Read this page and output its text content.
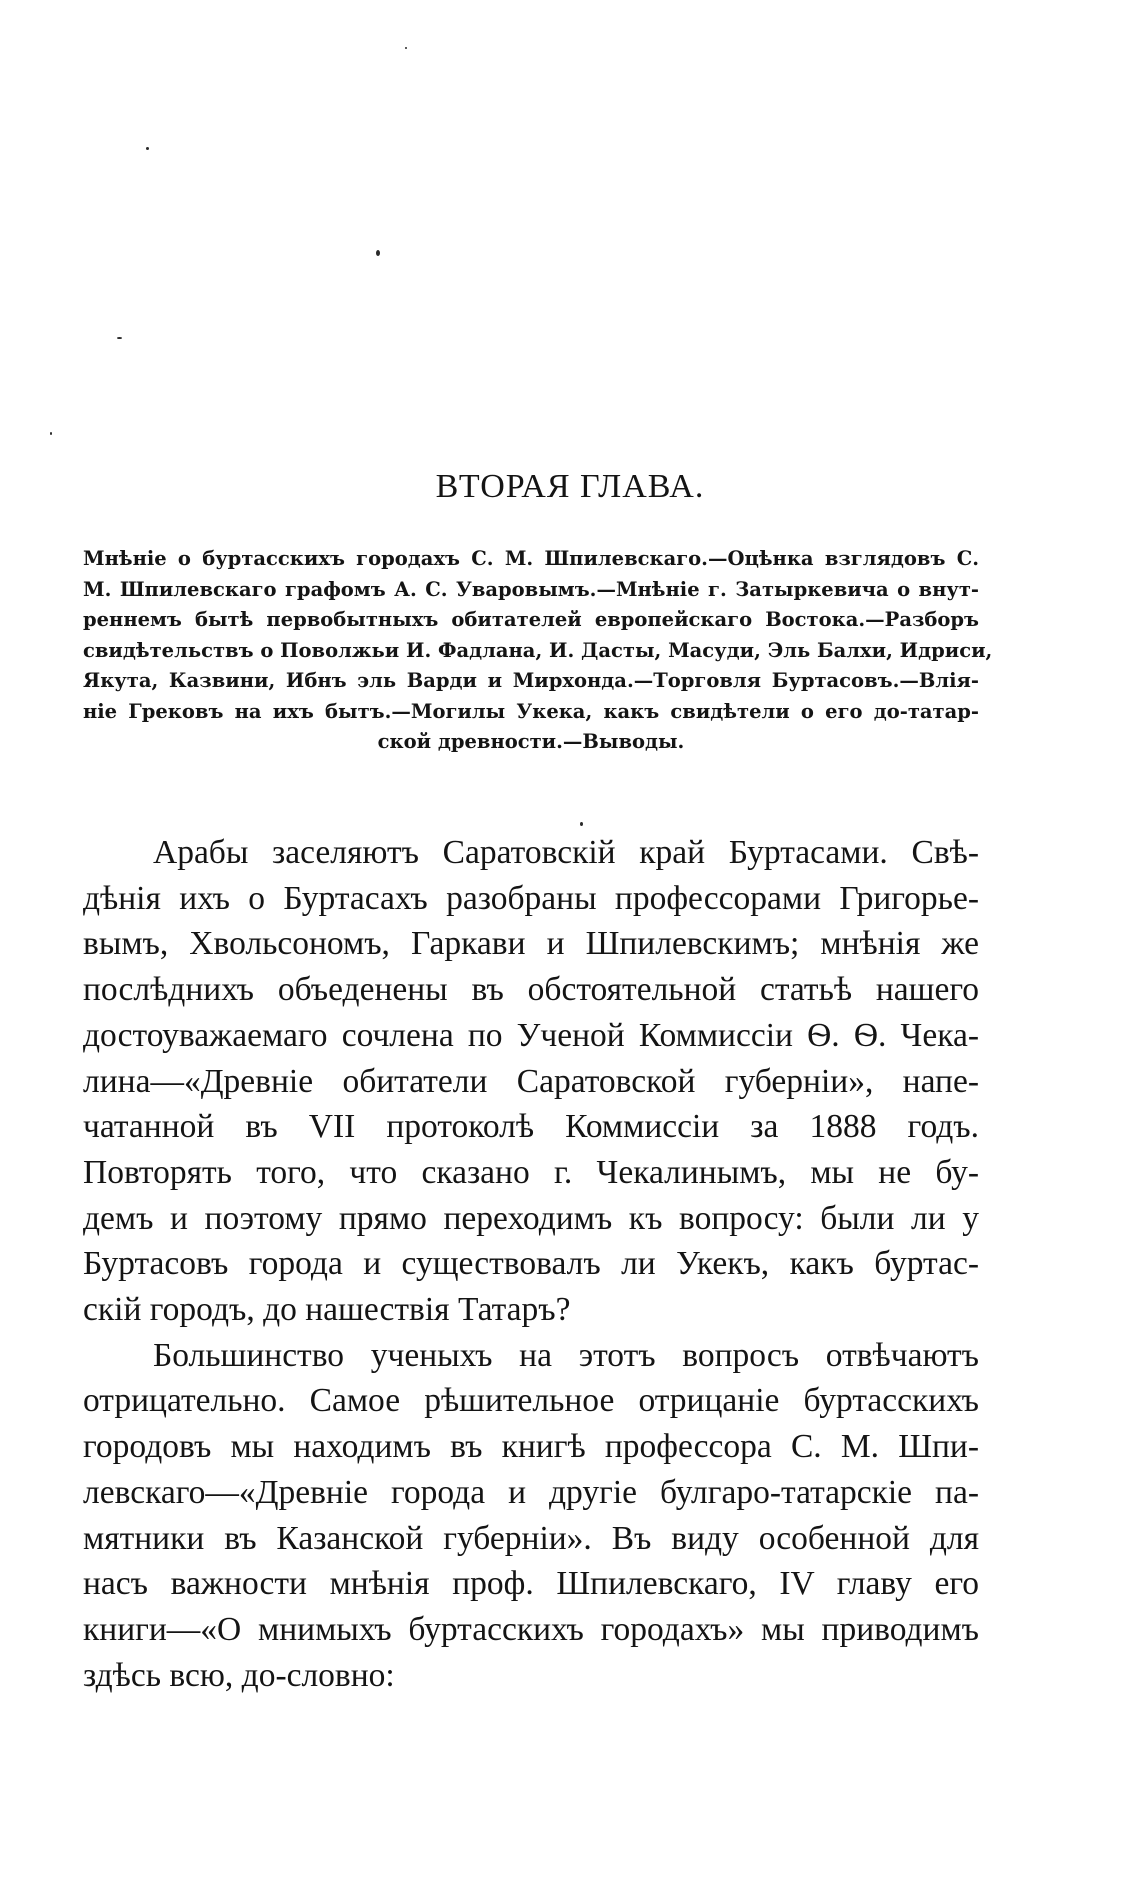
ВТОРАЯ ГЛАВА.
Мнѣніе о буртасскихъ городахъ С. М. Шпилевскаго.—Оцѣнка взглядовъ С.
М. Шпилевскаго графомъ А. С. Уваровымъ.—Мнѣніе г. Затыркевича о внут-
реннемъ бытѣ первобытныхъ обитателей европейскаго Востока.—Разборъ
свидѣтельствъ о Поволжьи И. Фадлана, И. Дасты, Масуди, Эль Балхи, Идриси,
Якута, Казвини, Ибнъ эль Варди и Мирхонда.—Торговля Буртасовъ.—Влія-
ніе Грековъ на ихъ бытъ.—Могилы Укека, какъ свидѣтели о его до-татар-
ской древности.—Выводы.
Арабы заселяютъ Саратовскій край Буртасами. Свѣ-
дѣнія ихъ о Буртасахъ разобраны профессорами Григорье-
вымъ, Хвольсономъ, Гаркави и Шпилевскимъ; мнѣнія же
послѣднихъ объеденены въ обстоятельной статьѣ нашего
достоуважаемаго сочлена по Ученой Коммиссіи Ѳ. Ѳ. Чека-
лина—«Древніе обитатели Саратовской губерніи», напе-
чатанной въ VII протоколѣ Коммиссіи за 1888 годъ.
Повторять того, что сказано г. Чекалинымъ, мы не бу-
демъ и поэтому прямо переходимъ къ вопросу: были ли у
Буртасовъ города и существовалъ ли Укекъ, какъ буртас-
скій городъ, до нашествія Татаръ?
Большинство ученыхъ на этотъ вопросъ отвѣчаютъ
отрицательно. Самое рѣшительное отрицаніе буртасскихъ
городовъ мы находимъ въ книгѣ профессора С. М. Шпи-
левскаго—«Древніе города и другіе булгаро-татарскіе па-
мятники въ Казанской губерніи». Въ виду особенной для
насъ важности мнѣнія проф. Шпилевскаго, IV главу его
книги—«О мнимыхъ буртасскихъ городахъ» мы приводимъ
здѣсь всю, до-словно:
